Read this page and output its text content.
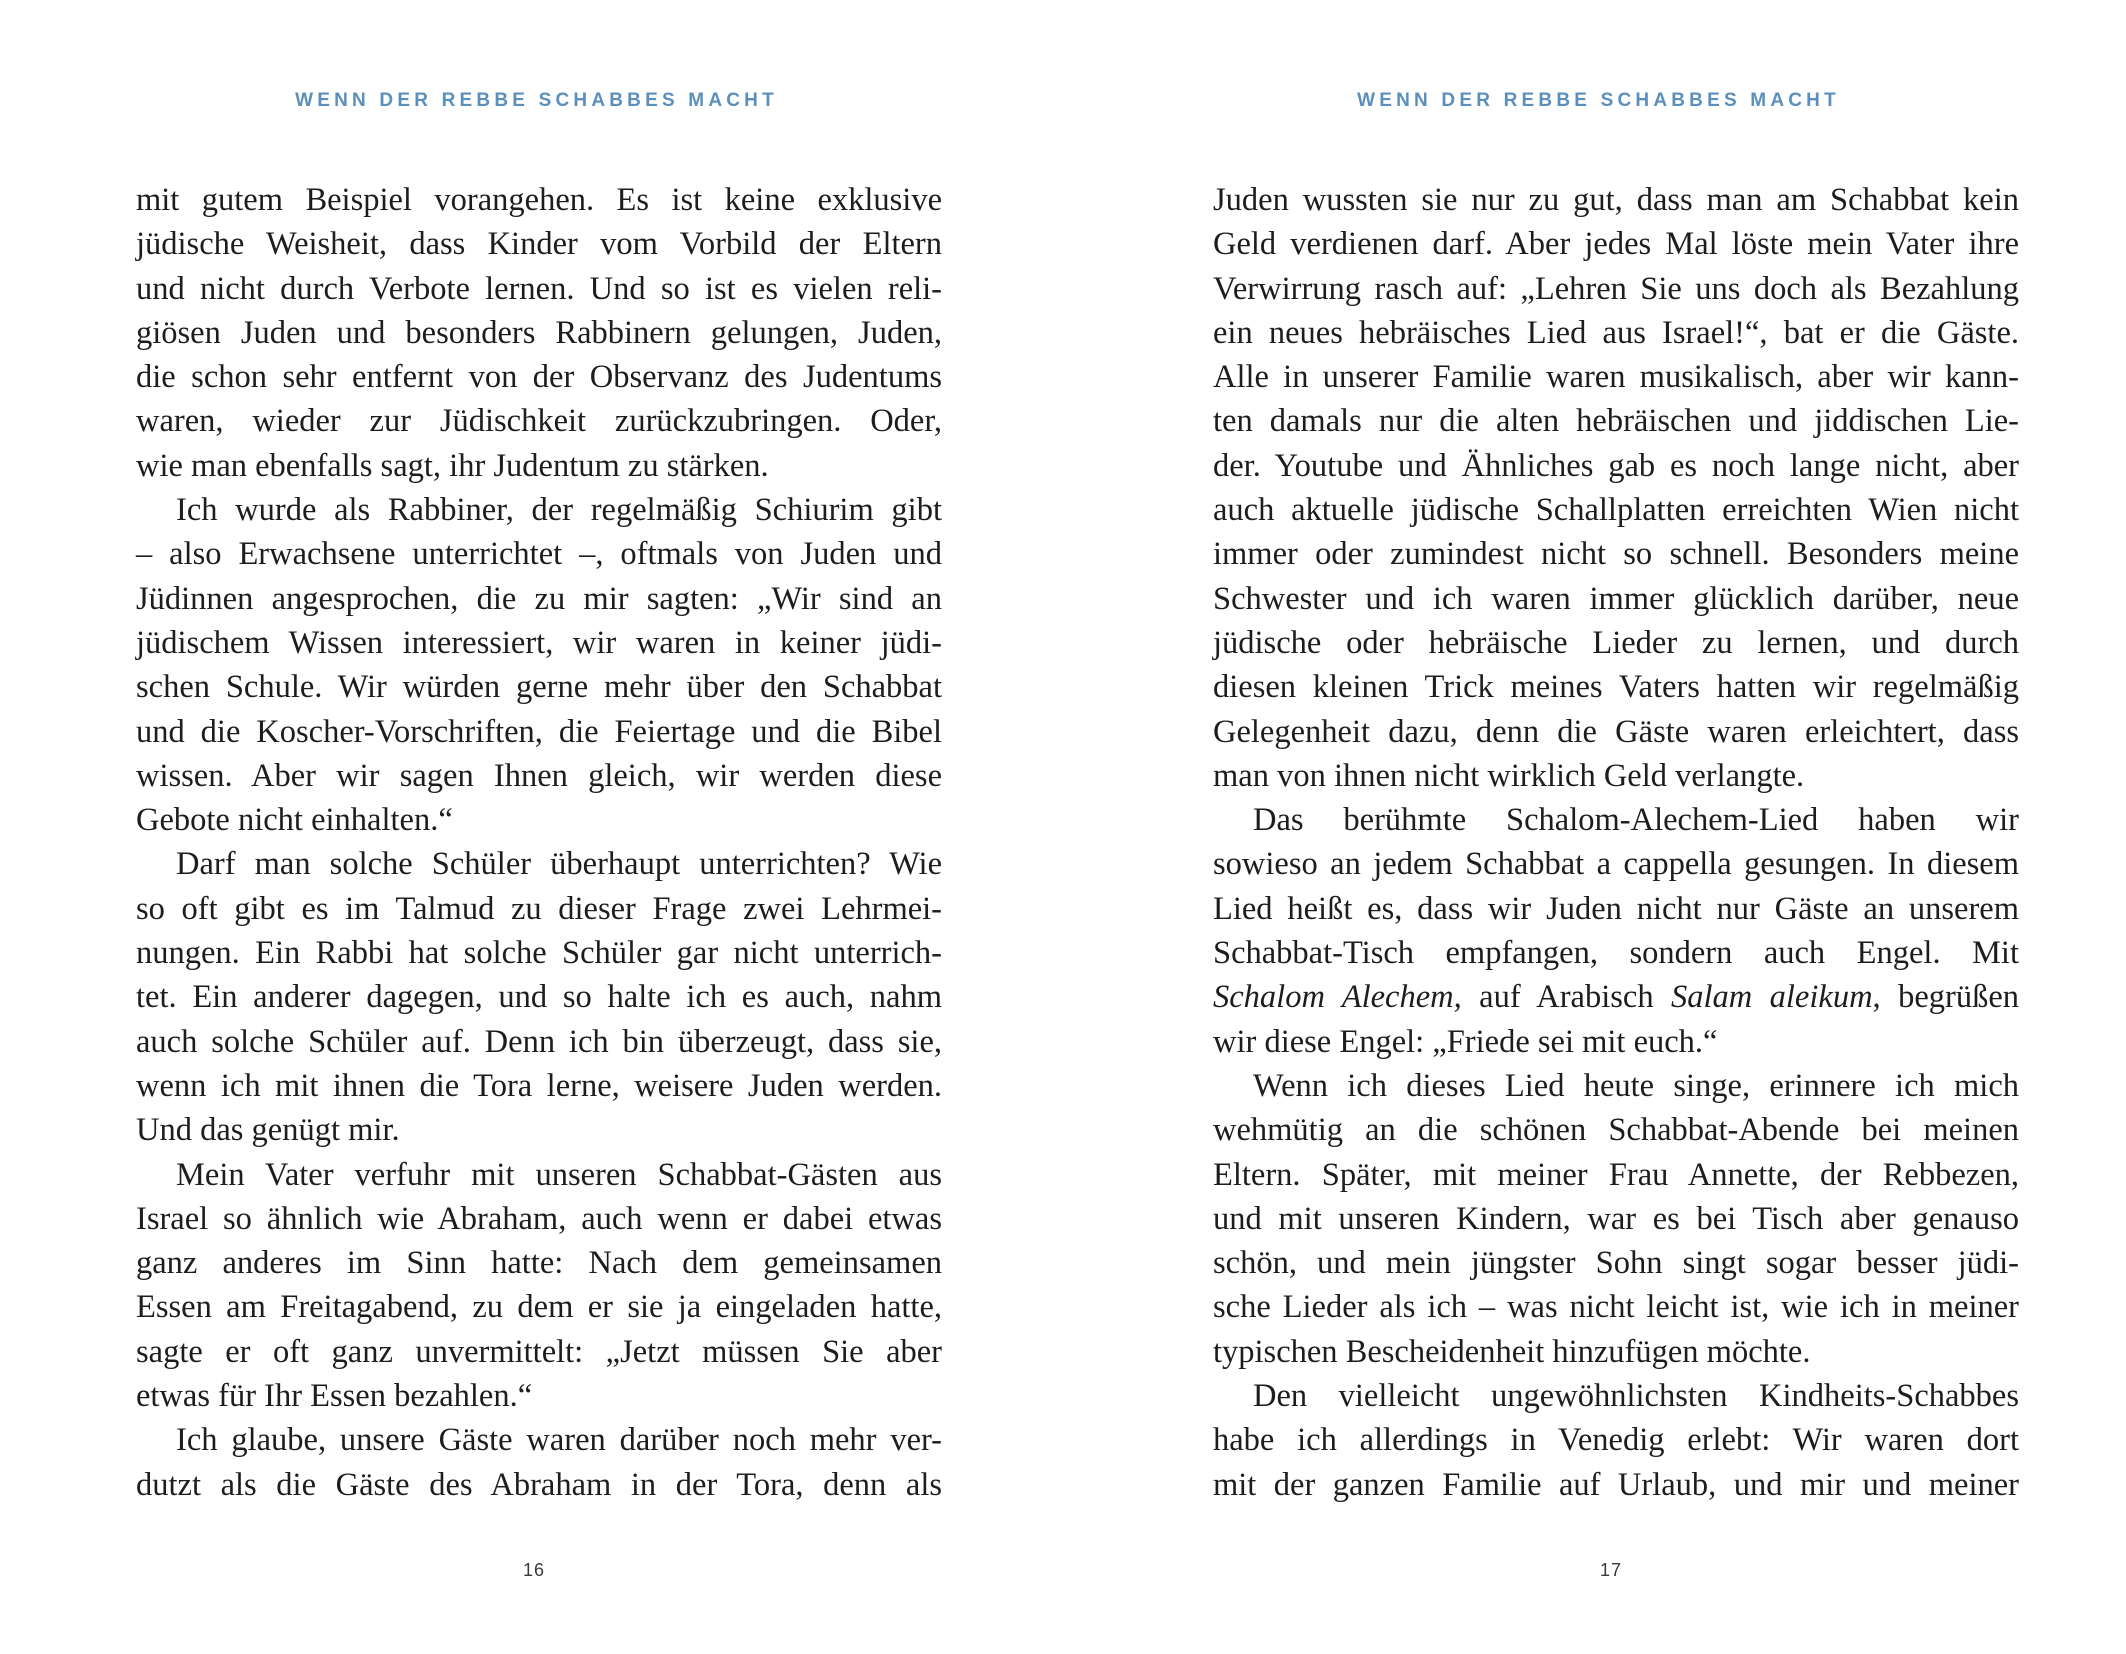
WENN DER REBBE SCHABBES MACHT
mit gutem Beispiel vorangehen. Es ist keine exklusive
jüdische Weisheit, dass Kinder vom Vorbild der Eltern
und nicht durch Verbote lernen. Und so ist es vielen reli-
giösen Juden und besonders Rabbinern gelungen, Juden,
die schon sehr entfernt von der Observanz des Judentums
waren, wieder zur Jüdischkeit zurückzubringen. Oder,
wie man ebenfalls sagt, ihr Judentum zu stärken.
Ich wurde als Rabbiner, der regelmäßig Schiurim gibt
– also Erwachsene unterrichtet –, oftmals von Juden und
Jüdinnen angesprochen, die zu mir sagten: „Wir sind an
jüdischem Wissen interessiert, wir waren in keiner jüdi-
schen Schule. Wir würden gerne mehr über den Schabbat
und die Koscher-Vorschriften, die Feiertage und die Bibel
wissen. Aber wir sagen Ihnen gleich, wir werden diese
Gebote nicht einhalten.“
Darf man solche Schüler überhaupt unterrichten? Wie
so oft gibt es im Talmud zu dieser Frage zwei Lehrmei-
nungen. Ein Rabbi hat solche Schüler gar nicht unterrich-
tet. Ein anderer dagegen, und so halte ich es auch, nahm
auch solche Schüler auf. Denn ich bin überzeugt, dass sie,
wenn ich mit ihnen die Tora lerne, weisere Juden werden.
Und das genügt mir.
Mein Vater verfuhr mit unseren Schabbat-Gästen aus
Israel so ähnlich wie Abraham, auch wenn er dabei etwas
ganz anderes im Sinn hatte: Nach dem gemeinsamen
Essen am Freitagabend, zu dem er sie ja eingeladen hatte,
sagte er oft ganz unvermittelt: „Jetzt müssen Sie aber
etwas für Ihr Essen bezahlen.“
Ich glaube, unsere Gäste waren darüber noch mehr ver-
dutzt als die Gäste des Abraham in der Tora, denn als
16
WENN DER REBBE SCHABBES MACHT
Juden wussten sie nur zu gut, dass man am Schabbat kein
Geld verdienen darf. Aber jedes Mal löste mein Vater ihre
Verwirrung rasch auf: „Lehren Sie uns doch als Bezahlung
ein neues hebräisches Lied aus Israel!“, bat er die Gäste.
Alle in unserer Familie waren musikalisch, aber wir kann-
ten damals nur die alten hebräischen und jiddischen Lie-
der. Youtube und Ähnliches gab es noch lange nicht, aber
auch aktuelle jüdische Schallplatten erreichten Wien nicht
immer oder zumindest nicht so schnell. Besonders meine
Schwester und ich waren immer glücklich darüber, neue
jüdische oder hebräische Lieder zu lernen, und durch
diesen kleinen Trick meines Vaters hatten wir regelmäßig
Gelegenheit dazu, denn die Gäste waren erleichtert, dass
man von ihnen nicht wirklich Geld verlangte.
Das berühmte Schalom-Alechem-Lied haben wir
sowieso an jedem Schabbat a cappella gesungen. In diesem
Lied heißt es, dass wir Juden nicht nur Gäste an unserem
Schabbat-Tisch empfangen, sondern auch Engel. Mit
Schalom Alechem, auf Arabisch Salam aleikum, begrüßen
wir diese Engel: „Friede sei mit euch.“
Wenn ich dieses Lied heute singe, erinnere ich mich
wehmütig an die schönen Schabbat-Abende bei meinen
Eltern. Später, mit meiner Frau Annette, der Rebbezen,
und mit unseren Kindern, war es bei Tisch aber genauso
schön, und mein jüngster Sohn singt sogar besser jüdi-
sche Lieder als ich – was nicht leicht ist, wie ich in meiner
typischen Bescheidenheit hinzufügen möchte.
Den vielleicht ungewöhnlichsten Kindheits-Schabbes
habe ich allerdings in Venedig erlebt: Wir waren dort
mit der ganzen Familie auf Urlaub, und mir und meiner
17
